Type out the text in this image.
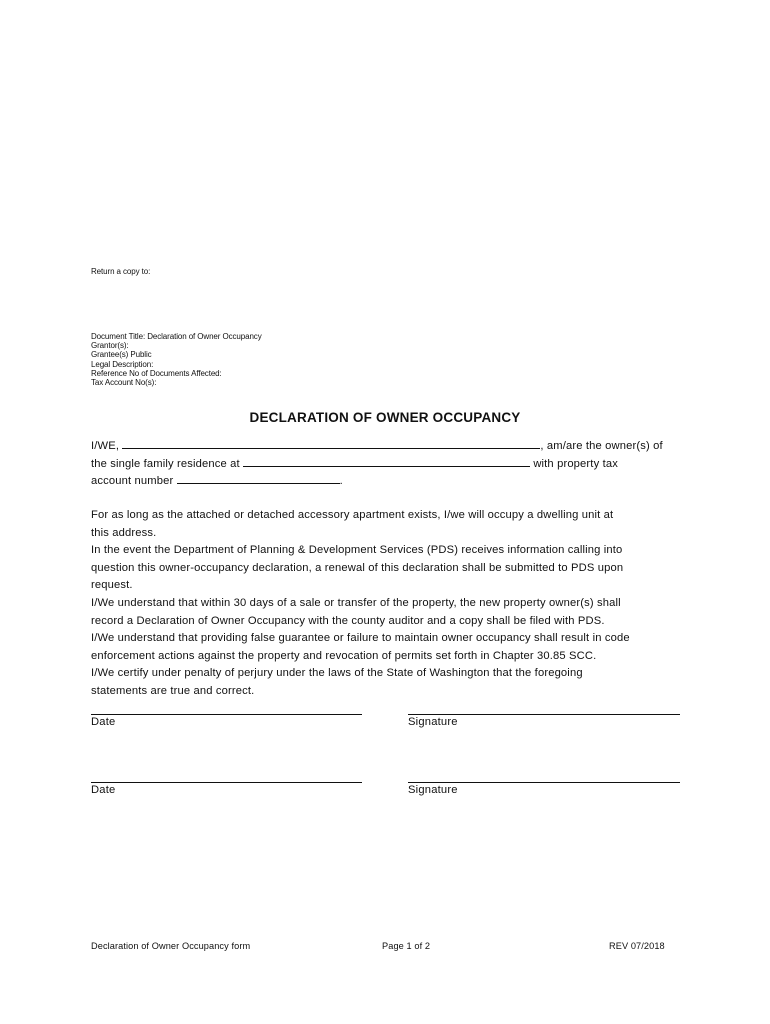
Return a copy to:
Document Title: Declaration of Owner Occupancy
Grantor(s):
Grantee(s) Public
Legal Description:
Reference No of Documents Affected:
Tax Account No(s):
DECLARATION OF OWNER OCCUPANCY
I/WE,	, am/are the owner(s) of
the single family residence at	with property tax
account number	.
For as long as the attached or detached accessory apartment exists, I/we will occupy a dwelling unit at
this address.
In the event the Department of Planning & Development Services (PDS) receives information calling into
question this owner-occupancy declaration, a renewal of this declaration shall be submitted to PDS upon
request.
I/We understand that within 30 days of a sale or transfer of the property, the new property owner(s) shall
record a Declaration of Owner Occupancy with the county auditor and a copy shall be filed with PDS.
I/We understand that providing false guarantee or failure to maintain owner occupancy shall result in code
enforcement actions against the property and revocation of permits set forth in Chapter 30.85 SCC.
I/We certify under penalty of perjury under the laws of the State of Washington that the foregoing
statements are true and correct.
Date	Signature
Date	Signature
Declaration of Owner Occupancy form	Page 1 of 2	REV 07/2018
